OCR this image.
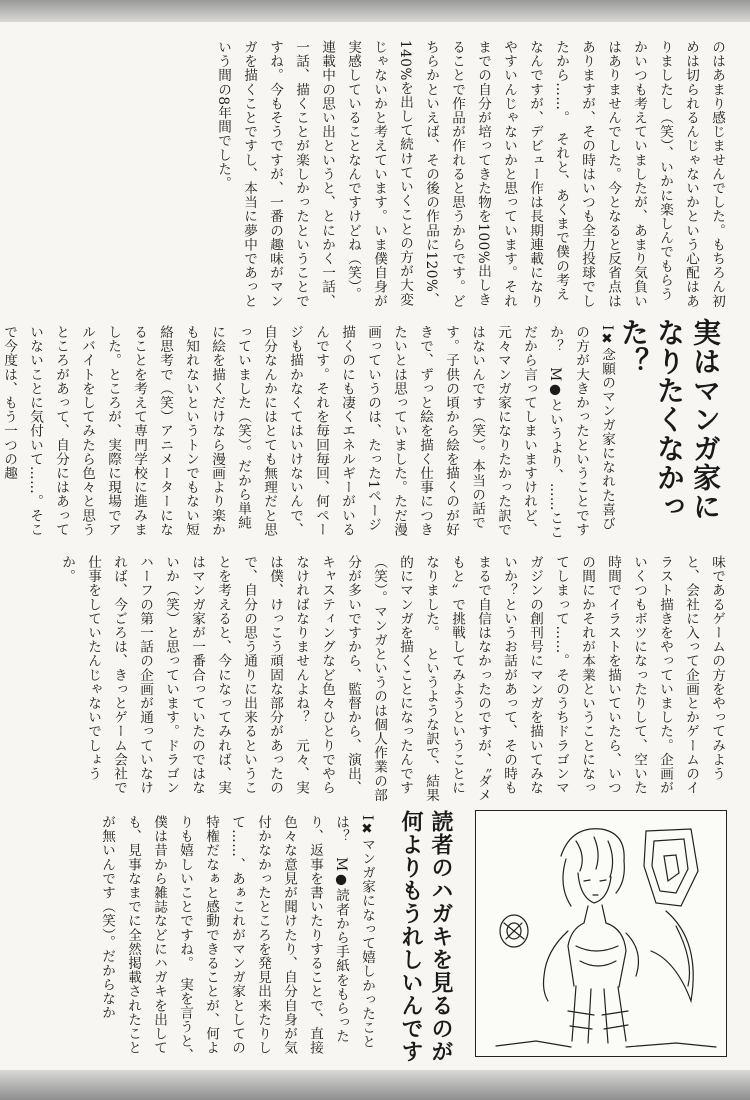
のはあまり感じませんでした。もちろん初めは切られるんじゃないかという心配はありましたし（笑）、いかに楽しんでもらうかいつも考えていましたが、あまり気負いはありませんでした。今となると反省点はありますが、その時はいつも全力投球でしたから……。　それと、あくまで僕の考えなんですが、デビュー作は長期連載になりやすいんじゃないかと思っています。それまでの自分が培ってきた物を100%出しきることで作品が作れると思うからです。どちらかといえば、その後の作品に120%、140%を出して続けていくことの方が大変じゃないかと考えています。いま僕自身が実感していることなんですけどね（笑）。　連載中の思い出というと、とにかく一話、一話、描くことが楽しかったということですね。今もそうですが、一番の趣味がマンガを描くことですし、本当に夢中であっという間の8年間でした。

実はマンガ家になりたくなかった？

I✖念願のマンガ家になれた喜びの方が大きかったということですか？　M●というより、……ここだから言ってしまいますけれど、元々マンガ家になりたかった訳ではないんです（笑）。本当の話です。子供の頃から絵を描くのが好きで、ずっと絵を描く仕事につきたいとは思っていました。ただ漫画っていうのは、たった1ページ描くのにも凄くエネルギーがいるんです。それを毎回毎回、何ページも描かなくてはいけないんで、自分なんかにはとても無理だと思っていました（笑）。だから単純に絵を描くだけなら漫画より楽かも知れないというトンでもない短絡思考で（笑）アニメーターになることを考えて専門学校に進みました。ところが、実際に現場でアルバイトをしてみたら色々と思うところがあって、自分にはあっていないことに気付いて……。そこで今度は、もう一つの趣

味であるゲームの方をやってみようと、会社に入って企画とかゲームのイラスト描きをやっていました。企画がいくつもボツになったりして、空いた時間でイラストを描いていたら、いつの間にかそれが本業ということになってしまって……。そのうちドラゴンマガジンの創刊号にマンガを描いてみないか？というお話があって、その時もまるで自信はなかったのですが、〝ダメもと〟で挑戦してみようということになりました。　というような訳で、結果的にマンガを描くことになったんです（笑）。マンガというのは個人作業の部分が多いですから、監督から、演出、キャスティングなど色々ひとりでやらなければなりませんよね？　元々、実は僕、けっこう頑固な部分があったので、自分の思う通りに出来るということを考えると、今になってみれば、実はマンガ家が一番合っていたのではないか（笑）と思っています。ドラゴンハーフの第一話の企画が通っていなければ、今ごろは、きっとゲーム会社で仕事をしていたんじゃないでしょうか。

読者のハガキを見るのが何よりもうれしいんです

I✖マンガ家になって嬉しかったことは？　M●読者から手紙をもらったり、返事を書いたりすることで、直接色々な意見が聞けたり、自分自身が気付かなかったところを発見出来たりして……、あぁこれがマンガ家としての特権だなぁと感動できることが、何よりも嬉しいことですね。　実を言うと、僕は昔から雑誌などにハガキを出しても、見事なまでに全然掲載されたことが無いんです（笑）。だからなか
